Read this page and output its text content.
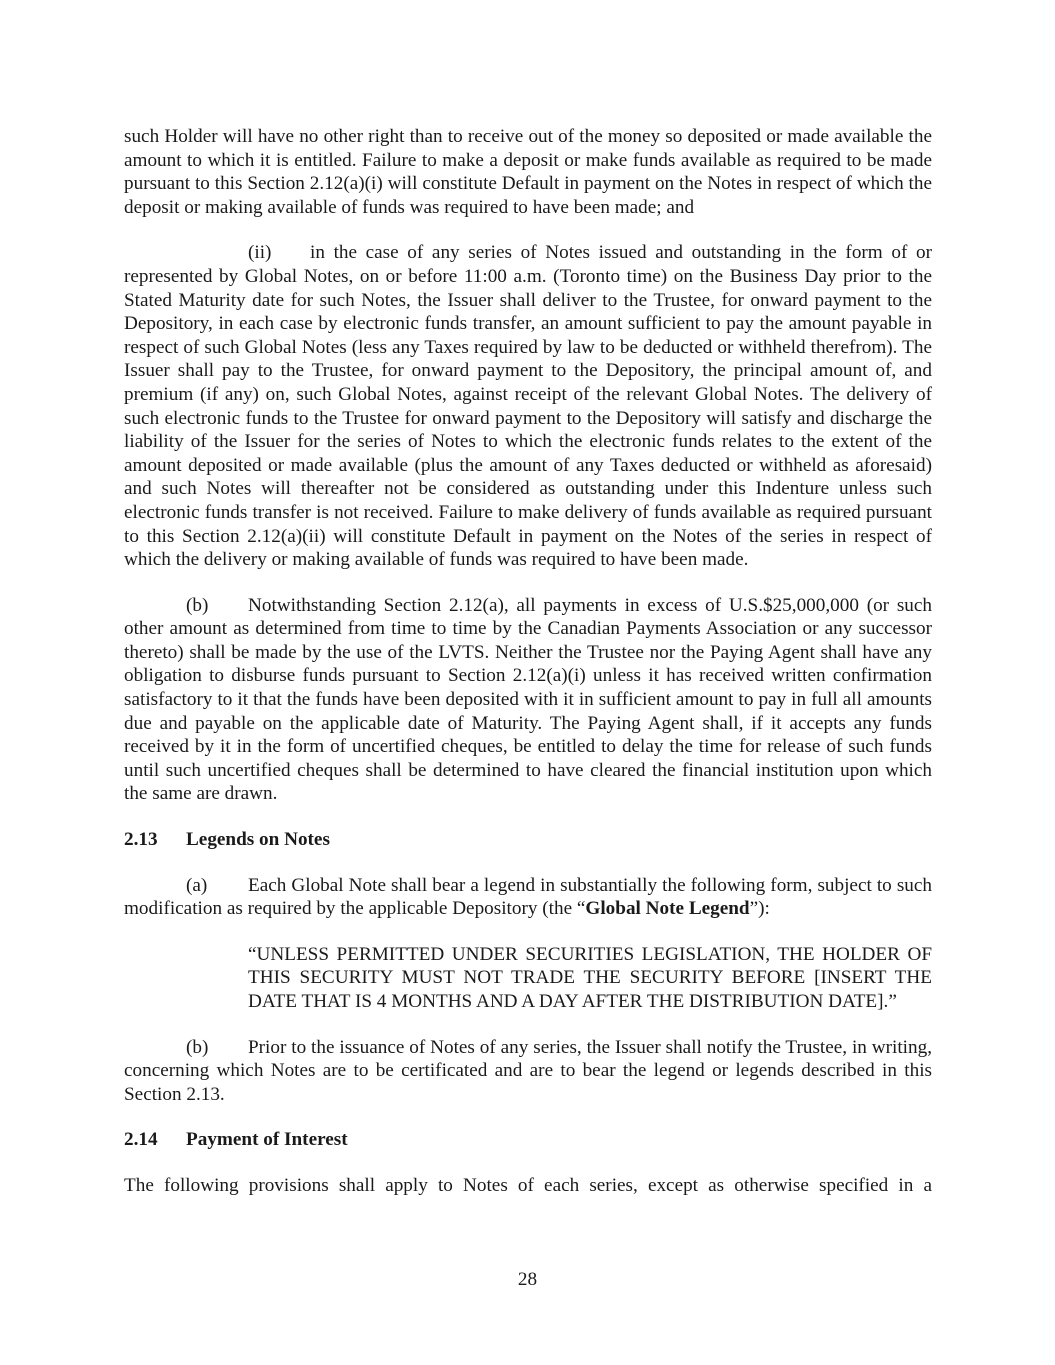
such Holder will have no other right than to receive out of the money so deposited or made available the amount to which it is entitled. Failure to make a deposit or make funds available as required to be made pursuant to this Section 2.12(a)(i) will constitute Default in payment on the Notes in respect of which the deposit or making available of funds was required to have been made; and

(ii) in the case of any series of Notes issued and outstanding in the form of or represented by Global Notes, on or before 11:00 a.m. (Toronto time) on the Business Day prior to the Stated Maturity date for such Notes, the Issuer shall deliver to the Trustee, for onward payment to the Depository, in each case by electronic funds transfer, an amount sufficient to pay the amount payable in respect of such Global Notes (less any Taxes required by law to be deducted or withheld therefrom). The Issuer shall pay to the Trustee, for onward payment to the Depository, the principal amount of, and premium (if any) on, such Global Notes, against receipt of the relevant Global Notes. The delivery of such electronic funds to the Trustee for onward payment to the Depository will satisfy and discharge the liability of the Issuer for the series of Notes to which the electronic funds relates to the extent of the amount deposited or made available (plus the amount of any Taxes deducted or withheld as aforesaid) and such Notes will thereafter not be considered as outstanding under this Indenture unless such electronic funds transfer is not received. Failure to make delivery of funds available as required pursuant to this Section 2.12(a)(ii) will constitute Default in payment on the Notes of the series in respect of which the delivery or making available of funds was required to have been made.

(b) Notwithstanding Section 2.12(a), all payments in excess of U.S.$25,000,000 (or such other amount as determined from time to time by the Canadian Payments Association or any successor thereto) shall be made by the use of the LVTS. Neither the Trustee nor the Paying Agent shall have any obligation to disburse funds pursuant to Section 2.12(a)(i) unless it has received written confirmation satisfactory to it that the funds have been deposited with it in sufficient amount to pay in full all amounts due and payable on the applicable date of Maturity. The Paying Agent shall, if it accepts any funds received by it in the form of uncertified cheques, be entitled to delay the time for release of such funds until such uncertified cheques shall be determined to have cleared the financial institution upon which the same are drawn.

2.13 Legends on Notes

(a) Each Global Note shall bear a legend in substantially the following form, subject to such modification as required by the applicable Depository (the “Global Note Legend”):

“UNLESS PERMITTED UNDER SECURITIES LEGISLATION, THE HOLDER OF THIS SECURITY MUST NOT TRADE THE SECURITY BEFORE [INSERT THE DATE THAT IS 4 MONTHS AND A DAY AFTER THE DISTRIBUTION DATE].”

(b) Prior to the issuance of Notes of any series, the Issuer shall notify the Trustee, in writing, concerning which Notes are to be certificated and are to bear the legend or legends described in this Section 2.13.

2.14 Payment of Interest

The following provisions shall apply to Notes of each series, except as otherwise specified in a

28
